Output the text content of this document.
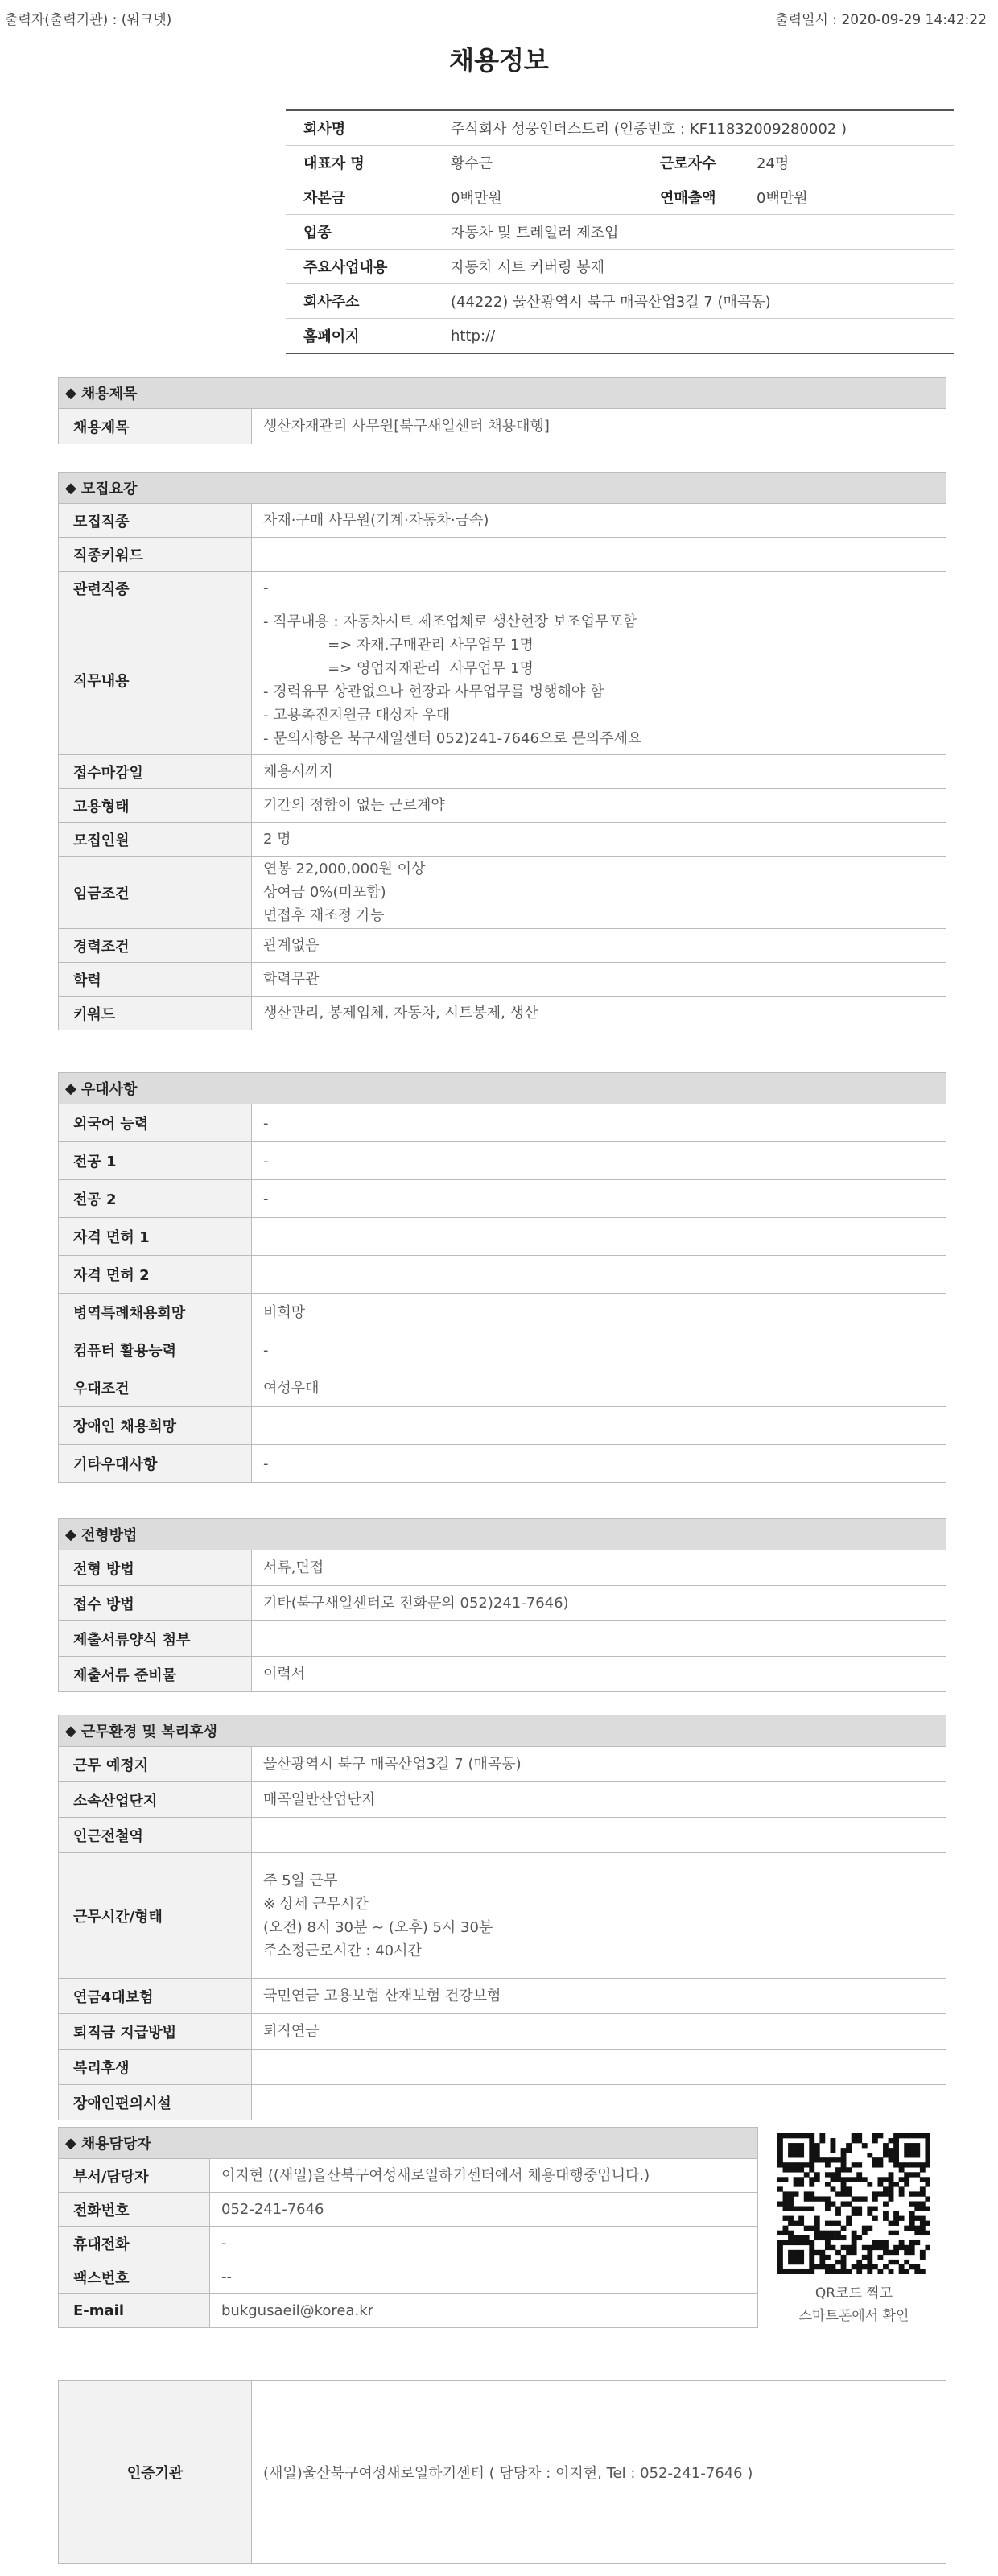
출력자(출력기관) : (워크넷)	출력일시 : 2020-09-29 14:42:22
채용정보
회사명	주식회사 성웅인더스트리 (인증번호 : KF11832009280002 )
대표자 명	황수근	근로자수	24명
자본금	0백만원	연매출액	0백만원
업종	자동차 및 트레일러 제조업
주요사업내용	자동차 시트 커버링 봉제
회사주소	(44222) 울산광역시 북구 매곡산업3길 7 (매곡동)
홈페이지	http://
◆ 채용제목
채용제목	생산자재관리 사무원[북구새일센터 채용대행]
◆ 모집요강
모집직종	자재·구매 사무원(기계·자동차·금속)
직종키워드
관련직종	-
직무내용
- 직무내용 : 자동차시트 제조업체로 생산현장 보조업무포함
=> 자재.구매관리 사무업무 1명
=> 영업자재관리  사무업무 1명
- 경력유무 상관없으나 현장과 사무업무를 병행해야 함
- 고용촉진지원금 대상자 우대
- 문의사항은 북구새일센터 052)241-7646으로 문의주세요
접수마감일	채용시까지
고용형태	기간의 정함이 없는 근로계약
모집인원	2 명
임금조건
연봉 22,000,000원 이상
상여금 0%(미포함)
면접후 재조정 가능
경력조건	관계없음
학력	학력무관
키워드	생산관리, 봉제업체, 자동차, 시트봉제, 생산
◆ 우대사항
외국어 능력	-
전공 1	-
전공 2	-
자격 면허 1
자격 면허 2
병역특례채용희망	비희망
컴퓨터 활용능력	-
우대조건	여성우대
장애인 채용희망
기타우대사항	-
◆ 전형방법
전형 방법	서류,면접
접수 방법	기타(북구새일센터로 전화문의 052)241-7646)
제출서류양식 첨부
제출서류 준비물	이력서
◆ 근무환경 및 복리후생
근무 예정지	울산광역시 북구 매곡산업3길 7 (매곡동)
소속산업단지	매곡일반산업단지
인근전철역
근무시간/형태
주 5일 근무
※ 상세 근무시간
(오전) 8시 30분 ~ (오후) 5시 30분
주소정근로시간 : 40시간
연금4대보험	국민연금 고용보험 산재보험 건강보험
퇴직금 지급방법	퇴직연금
복리후생
장애인편의시설
◆ 채용담당자
부서/담당자	이지현 ((새일)울산북구여성새로일하기센터에서 채용대행중입니다.)
전화번호	052-241-7646
휴대전화	-
팩스번호	--
E-mail	bukgusaeil@korea.kr
QR코드 찍고
스마트폰에서 확인
인증기관	(새일)울산북구여성새로일하기센터 ( 담당자 : 이지현, Tel : 052-241-7646 )
